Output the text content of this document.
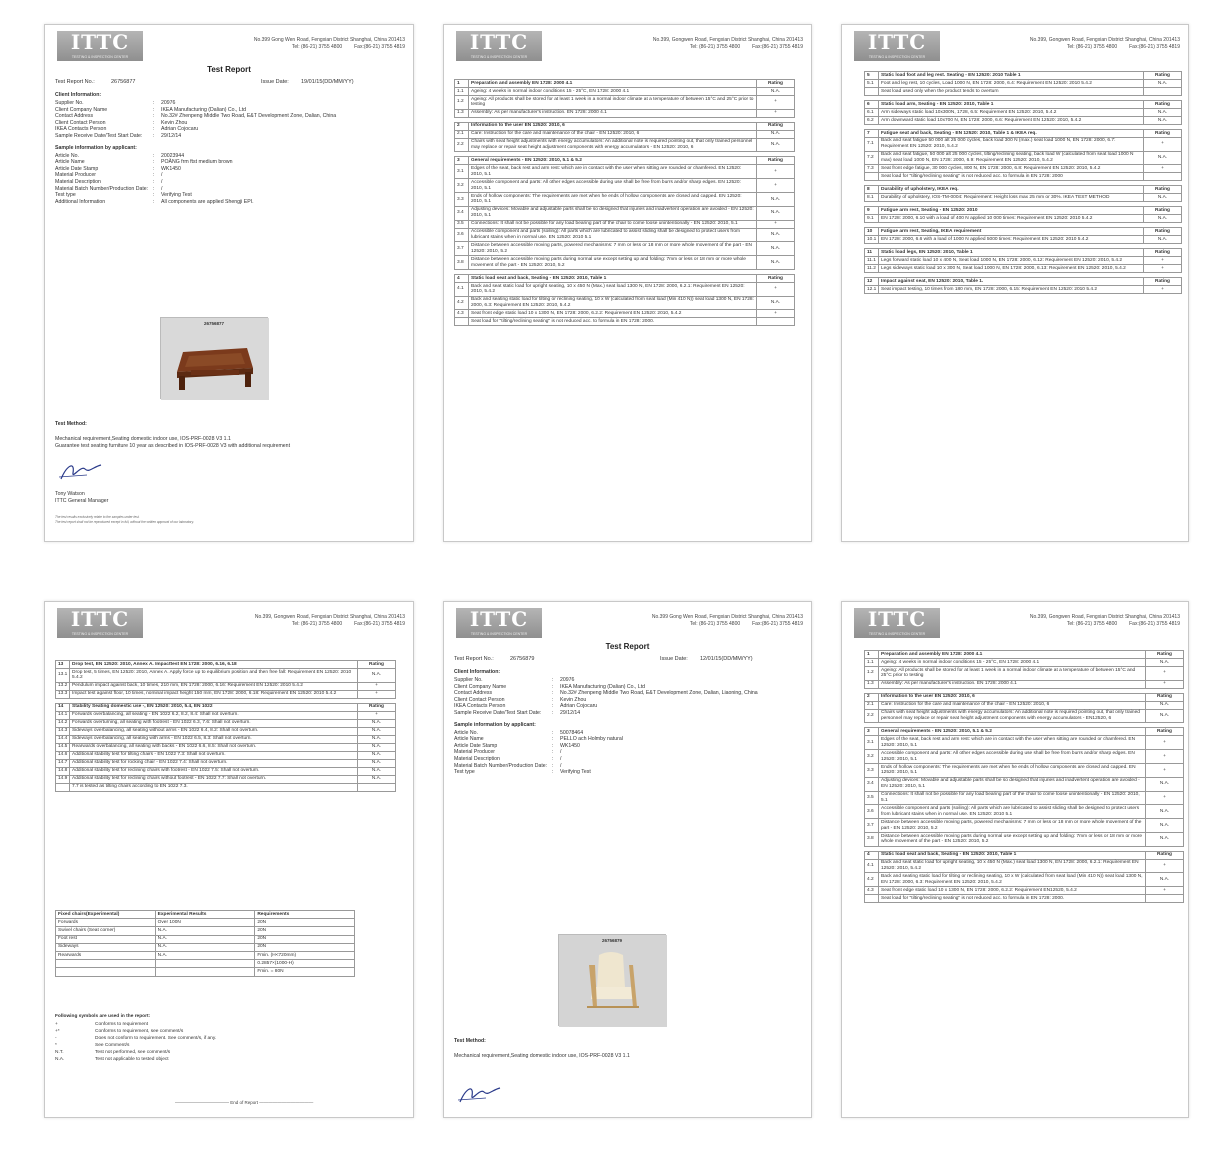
ITTC
TESTING & INSPECTION CENTER
No.399 Gong Wen Road, Fengxian District Shanghai, China 201413
Tel: (86-21) 3755 4800 Fax:(86-21) 3755 4819
Test Report
Test Report No.:	26756877	Issue Date: 19/01/15(DD/MM/YY)
Client Information:
Supplier No.	:	20976
Client Company Name	:	IKEA Manufacturing (Dalian) Co., Ltd
Contact Address	:	No.32# Zhenpeng Middle Two Road, E&T Development Zone, Dalian, China
Client Contact Person	:	Kevin Zhou
IKEA Contacts Person	:	Adrian Cojocaru
Sample Receive Date/Test Start Date:	:	29/12/14
Sample information by applicant:
Article No.	:	20023944
Article Name	:	POÄNG frm ftst medium brown
Article Date Stamp	:	WK1450
Material Producer	:	/
Material Description	:	/
Material Batch Number/Production Date: :	/
Test type	:	Verifying Test
Additional Information	:	All components are applied Shengji EPI.
26756877
Test Method:
Mechanical requirement,Seating domestic indoor use, IOS-PRF-0028 V3 1.1
Guarantee test seating furniture 10 year as described in IOS-PRF-0028 V3 with additional requirement
Tony Watson
ITTC General Manager
The test results exclusively relate to the samples under test.
The test report shall not be reproduced except in full, without the written approval of our laboratory.
ITTC
TESTING & INSPECTION CENTER
No.399, Gongwen Road, Fengxian District Shanghai, China 201413
Tel: (86-21) 3755 4800 Fax:(86-21) 3755 4819
1	Preparation and assembly EN 1728: 2000 4.1	Rating
1.1	Ageing: 4 weeks in normal indoor conditions 15 - 25°C, EN 1728: 2000 4.1	N.A.
1.2	Ageing: All products shall be stored for at least 1 week in a normal indoor climate at a temperature of between 15°C and 25°C prior to testing	+
1.3	Assembly: As per manufacturer's instruction. EN 1728: 2000 4.1	+

2	Information to the user EN 12520: 2010, 6	Rating
2.1	Care: Instruction for the care and maintenance of the chair - EN 12520: 2010, 6	N.A.
2.2	Chairs with seat height adjustments with energy accumulators: An additional note is required pointing out, that only trained personnel may replace or repair seat height adjustment components with energy accumulators - EN 12520: 2010, 6	N.A.

3	General requirements - EN 12520: 2010, 5.1 & 5.2	Rating
3.1	Edges of the seat, back rest and arm rest: which are in contact with the user when sitting are rounded or chamfered. EN 12520: 2010, 5.1	+
3.2	Accessible component and parts: All other edges accessible during use shall be free from burrs and/or sharp edges. EN 12520: 2010, 5.1	+
3.3	Ends of hollow components: The requirements are met when he ends of hollow components are closed and capped. EN 12520: 2010, 5.1	N.A.
3.4	Adjusting devices: Movable and adjustable parts shall be so designed that injuries and inadvertent operation are avoided - EN 12520: 2010, 5.1	N.A.
3.5	Connections: It shall not be possible for any load bearing part of the chair to come loose unintentionally - EN 12520: 2010, 5.1	+
3.6	Accessible component and parts (soiling): All parts which are lubricated to assist sliding shall be designed to protect users from lubricant stains when in normal use. EN 12520: 2010 5.1	N.A.
3.7	Distance between accessible moving parts, powered mechanisms: 7 mm or less or 18 mm or more whole movement of the part - EN 12520: 2010, 5.2	N.A.
3.8	Distance between accessible moving parts during normal use except setting up and folding: 7mm or less or 18 mm or more whole movement of the part - EN 12520: 2010, 5.2	N.A.

4	Static load seat and back, Seating - EN 12520: 2010, Table 1	Rating
4.1	Back and seat static load for upright seating, 10 x 450 N (Max.) seat load 1300 N, EN 1728: 2000, 6.2.1: Requirement EN 12520: 2010, 5.4.2	+
4.2	Back and seating static load for tilting or reclining seating, 10 x W (calculated from seat load (Min 410 N)) seat load 1300 N, EN 1728: 2000, 6.3: Requirement EN 12520: 2010, 5.4.2	N.A.
4.3	Seat front edge static load 10 x 1300 N, EN 1728: 2000, 6.2.2: Requirement EN 12520: 2010, 5.4.2	+
	Seat load for "tilting/reclining seating" is not reduced acc. to formula in EN 1728: 2000.	
ITTC
TESTING & INSPECTION CENTER
No.399, Gongwen Road, Fengxian District Shanghai, China 201413
Tel: (86-21) 3755 4800 Fax:(86-21) 3755 4819
5	Static load foot and leg rest. Seating - EN 12520: 2010 Table 1	Rating
5.1	Foot and leg rest, 10 cycles, Load 1000 N, EN 1728: 2000, 6.4: Requirement EN 12520: 2010 5.4.2	N.A.
	Seat load used only when the product tends to overturn	

6	Static load arm, Seating - EN 12520: 2010, Table 1	Rating
6.1	Arm sideways static load 10x300N, 1728, 6.5: Requirement EN 12520: 2010, 5.4.2	N.A.
6.2	Arm downward static load 10x700 N, EN 1728: 2000, 6.6: Requirement EN 12520: 2010, 5.4.2	N.A.

7	Fatigue seat and back, Seating - EN 12520: 2010, Table 1 & IKEA req.	Rating
7.1	Back and seat fatigue 50 000 alt 25 000 cycles, back load 300 N (max.) seat load 1000 N, EN 1728: 2000, 6.7: Requirement EN 12520: 2010, 5.4.2	+
7.2	Back and seat fatigue, 50 000 alt 25 000 cycles, tilting/reclining seating, back load W (calculated from seat load 1000 N max) seat load 1000 N, EN 1728: 2000, 6.9: Requirement EN 12520: 2010, 5.4.2	N.A.
7.3	Seat front edge fatigue, 30 000 cycles, 800 N, EN 1728: 2000, 6.8: Requirement EN 12520: 2010, 5.4.2	+
	Seat load for "tilting/reclining seating" is not reduced acc. to formula in EN 1728: 2000	

8	Durability of upholstery, IKEA req.	Rating
8.1	Durability of upholstery, IOS-TM-0004: Requirement: Height loss max 25 mm or 30%. IKEA TEST METHOD	N.A.

9	Fatigue arm rest, Seating - EN 12520: 2010	Rating
9.1	EN 1728: 2000, 6.10 with a load of 400 N applied 10 000 times: Requirement EN 12520: 2010 5.4.2	N.A.

10	Fatigue arm rest, Seating, IKEA requirement	Rating
10.1	EN 1728: 2000, 6.6 with a load of 1000 N applied 5000 times: Requirement EN 12520: 2010 5.4.2	N.A.

11	Static load legs, EN 12520: 2010, Table 1	Rating
11.1	Legs forward static load 10 x 400 N, Seat load 1000 N, EN 1728: 2000, 6.12: Requirement EN 12520: 2010, 5.4.2	+
11.2	Legs sideways static load 10 x 300 N, Seat load 1000 N, EN 1728: 2000, 6.13: Requirement EN 12520: 2010, 5.4.2	+

12	Impact against seat, EN 12520: 2010, Table 1.	Rating
12.1	Seat impact testing, 10 times from 180 mm, EN 1728: 2000, 6.15: Requirement EN 12520: 2010 5.4.2	+
ITTC
TESTING & INSPECTION CENTER
No.399, Gongwen Road, Fengxian District Shanghai, China 201413
Tel: (86-21) 3755 4800 Fax:(86-21) 3755 4819
13	Drop test, EN 12520: 2010, Annex A. Impacttest EN 1728: 2000, 6.16, 6.18	Rating
13.1	Drop test, 5 times, EN 12520: 2010, Annex A. Apply force up to equilibrium position and then free fall: Requirement EN 12520: 2010 5.4.2	N.A.
13.2	Pendulum impact against back, 10 times, 210 mm, EN 1728: 2000, 6.16: Requirement EN 12520: 2010 5.4.2	+
13.3	Impact test against floor, 10 times, nominal impact height 150 mm, EN 1728: 2000, 6.18: Requirement EN 12520: 2010 5.4.2	+

14	Stability Seating domestic use -, EN 12520: 2010, 5.4, EN 1022	Rating
14.1	Forwards overbalancing, all seating - EN 1022 6.2, 8.2, 8.4: Shall not overturn.	+
14.2	Forwards overturning, all seating with footrest - EN 1022 6.3, 7.6: Shall not overturn.	N.A.
14.3	Sideways overbalancing, all seating without arms - EN 1022 6.4, 8.2: Shall not overturn.	N.A.
14.4	Sideways overbalancing, all seating with arms - EN 1022 6.5, 8.3: Shall not overturn.	N.A.
14.5	Rearwards overbalancing, all seating with backs - EN 1022 6.6, 8.5: Shall not overturn.	N.A.
14.6	Additional stability test for tilting chairs - EN 1022 7.3: Shall not overturn.	N.A.
14.7	Additional stability test for rocking chair - EN 1022 7.4: Shall not overturn.	N.A.
14.8	Additional stability test for reclining chairs with footrest - EN 1022 7.5: Shall not overturn.	N.A.
14.9	Additional stability test for reclining chairs without footrest - EN 1022 7.7: Shall not overturn.	N.A.
	7.7 is tested as tilting chairs according to EN 1022 7.3.	
Fixed chairs(Experimental)	Experimental Results	Requirements
Forwards	Over 100N	20N
Swivel chairs (Seat corner)	N.A.	20N
Foot rest	N.A.	20N
Sideways	N.A.	20N
Rearwards	N.A.	Fmin. (H<720mm)
		0.2857×(1000-H)
		Fmin. = 80N
Following symbols are used in the report:
+	Conforms to requirement
+*	Conforms to requirement, see comment/s
-	Does not conform to requirement. See comment/s, if any.
*	See Comment/s
N.T.	Test not performed, see comment/s
N.A.	Test not applicable to tested object
———————————— End of Report ————————————
ITTC
TESTING & INSPECTION CENTER
No.399 Gong Wen Road, Fengxian District Shanghai, China 201413
Tel: (86-21) 3755 4800 Fax:(86-21) 3755 4819
Test Report
Test Report No.:	26756879	Issue Date: 12/01/15(DD/MM/YY)
Client Information:
Supplier No.	:	20976
Client Company Name	:	IKEA Manufacturing (Dalian) Co., Ltd
Contact Address	:	No.32# Zhenpeng Middle Two Road, E&T Development Zone, Dalian, Liaoning, China
Client Contact Person	:	Kevin Zhou
IKEA Contacts Person	:	Adrian Cojocaru
Sample Receive Date/Test Start Date:	:	29/12/14
Sample information by applicant:
Article No.	:	50078464
Article Name	:	PELLO ach Holmby natural
Article Date Stamp	:	WK1450
Material Producer	:	/
Material Description	:	/
Material Batch Number/Production Date: :	/
Test type	:	Verifying Test
26756879
Test Method:
Mechanical requirement,Seating domestic indoor use, IOS-PRF-0028 V3 1.1
ITTC
TESTING & INSPECTION CENTER
No.399, Gongwen Road, Fengxian District Shanghai, China 201413
Tel: (86-21) 3755 4800 Fax:(86-21) 3755 4819
1	Preparation and assembly EN 1728: 2000 4.1	Rating
1.1	Ageing: 4 weeks in normal indoor conditions 15 - 25°C, EN 1728: 2000 4.1	N.A.
1.2	Ageing: All products shall be stored for at least 1 week in a normal indoor climate at a temperature of between 15°C and 25°C prior to testing	+
1.3	Assembly: As per manufacturer's instruction. EN 1728: 2000 4.1	+

2	Information to the user EN 12520: 2010, 6	Rating
2.1	Care: Instruction for the care and maintenance of the chair - EN 12520: 2010, 6	N.A.
2.2	Chairs with seat height adjustments with energy accumulators: An additional note is required pointing out, that only trained personnel may replace or repair seat height adjustment components with energy accumulators - EN12520, 6	N.A.

3	General requirements - EN 12520: 2010, 5.1 & 5.2	Rating
3.1	Edges of the seat, back rest and arm rest: which are in contact with the user when sitting are rounded or chamfered. EN 12520: 2010, 5.1	+
3.2	Accessible component and parts: All other edges accessible during use shall be free from burrs and/or sharp edges. EN 12520: 2010, 5.1	+
3.3	Ends of hollow components: The requirements are met when he ends of hollow components are closed and capped. EN 12520: 2010, 5.1	+
3.4	Adjusting devices: Movable and adjustable parts shall be so designed that injuries and inadvertent operation are avoided - EN 12520: 2010, 5.1	N.A.
3.5	Connections: It shall not be possible for any load bearing part of the chair to come loose unintentionally - EN 12520: 2010, 5.1	+
3.6	Accessible component and parts (soiling): All parts which are lubricated to assist sliding shall be designed to protect users from lubricant stains when in normal use. EN 12520: 2010 5.1	N.A.
3.7	Distance between accessible moving parts, powered mechanisms: 7 mm or less or 18 mm or more whole movement of the part - EN 12520: 2010, 5.2	N.A.
3.8	Distance between accessible moving parts during normal use except setting up and folding: 7mm or less or 18 mm or more whole movement of the part - EN 12520: 2010, 5.2	N.A.

4	Static load seat and back, Seating - EN 12520: 2010, Table 1	Rating
4.1	Back and seat static load for upright seating, 10 x 450 N (Max.) seat load 1300 N, EN 1728: 2000, 6.2.1: Requirement EN 12520: 2010, 5.4.2	+
4.2	Back and seating static load for tilting or reclining seating, 10 x W (calculated from seat load (Min 410 N)) seat load 1300 N, EN 1728: 2000, 6.3: Requirement EN 12520: 2010, 5.4.2	N.A.
4.3	Seat front edge static load 10 x 1300 N, EN 1728: 2000, 6.2.2: Requirement EN12520, 5.4.2	+
	Seat load for "tilting/reclining seating" is not reduced acc. to formula in EN 1728: 2000.	
